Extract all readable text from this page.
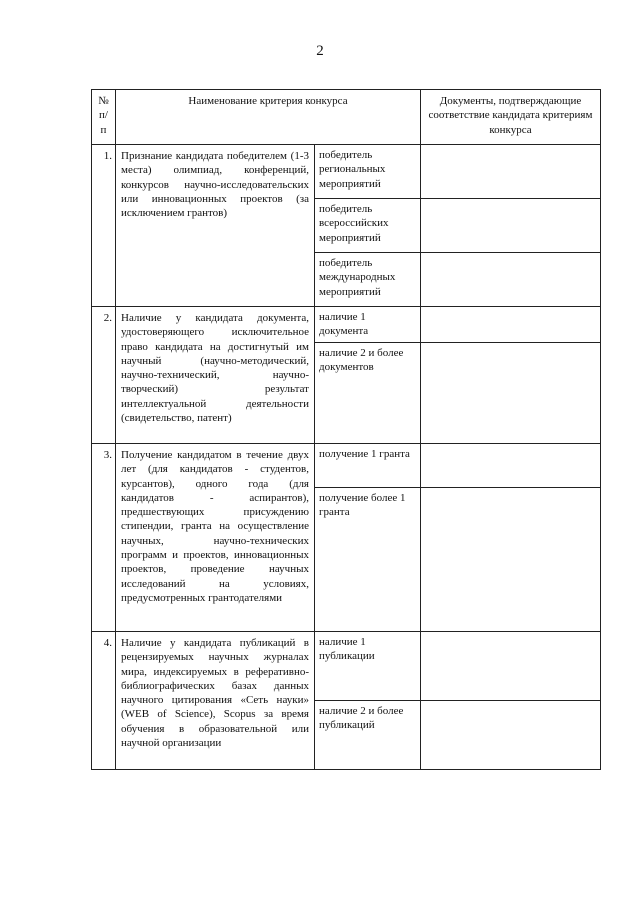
2
№ п/п	Наименование критерия конкурса		Документы, подтверждающие соответствие кандидата критериям конкурса
1.	Признание кандидата победителем (1-3 места) олимпиад, конференций, конкурсов научно-исследовательских или инновационных проектов (за исключением грантов)	победитель региональных мероприятий	
		победитель всероссийских мероприятий	
		победитель международных мероприятий	
2.	Наличие у кандидата документа, удостоверяющего исключительное право кандидата на достигнутый им научный (научно-методический, научно-технический, научно-творческий) результат интеллектуальной деятельности (свидетельство, патент)	наличие 1 документа	
		наличие 2 и более документов	
3.	Получение кандидатом в течение двух лет (для кандидатов - студентов, курсантов), одного года (для кандидатов - аспирантов), предшествующих присуждению стипендии, гранта на осуществление научных, научно-технических программ и проектов, инновационных проектов, проведение научных исследований на условиях, предусмотренных грантодателями	получение 1 гранта	
		получение более 1 гранта	
4.	Наличие у кандидата публикаций в рецензируемых научных журналах мира, индексируемых в реферативно-библиографических базах данных научного цитирования «Сеть науки» (WEB of Science), Scopus за время обучения в образовательной или научной организации	наличие 1 публикации	
		наличие 2 и более публикаций	
